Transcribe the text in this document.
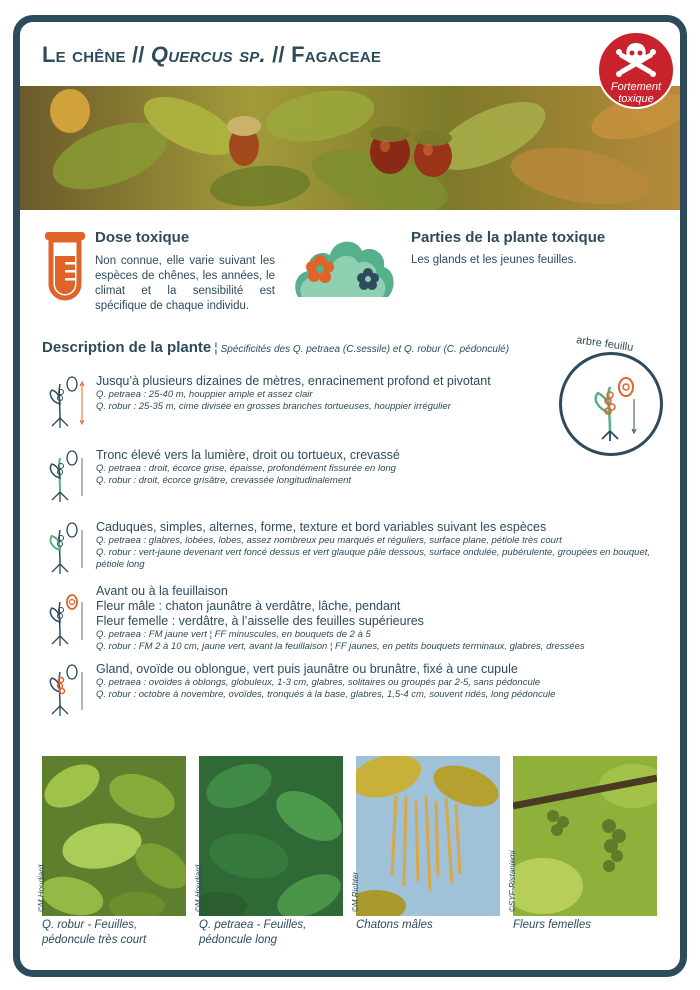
Le chêne // Quercus sp. // Fagaceae
Fortement toxique
Dose toxique
Non connue, elle varie suivant les espèces de chênes, les années, le climat et la sensibilité est spécifique de chaque individu.
Parties de la plante toxique
Les glands et les jeunes feuilles.
Description de la plante ¦ Spécificités des Q. petraea (C.sessile) et Q. robur (C. pédonculé)	arbre feuillu
Jusqu’à plusieurs dizaines de mètres, enracinement profond et pivotant
Q. petraea : 25-40 m, houppier ample et assez clair
Q. robur : 25-35 m, cime divisée en grosses branches tortueuses, houppier irrégulier
Tronc élevé vers la lumière, droit ou tortueux, crevassé
Q. petraea : droit, écorce grise, épaisse, profondément fissurée en long
Q. robur : droit, écorce grisâtre, crevassée longitudinalement
Caduques, simples, alternes, forme, texture et bord variables suivant les espèces
Q. petraea : glabres, lobées, lobes, assez nombreux peu marqués et réguliers, surface plane, pétiole très court
Q. robur : vert-jaune devenant vert foncé dessus et vert glauque pâle dessous, surface ondulée, pubérulente, groupées en bouquet, pétiole long
Avant ou à la feuillaison
Fleur mâle : chaton jaunâtre à verdâtre, lâche, pendant
Fleur femelle : verdâtre, à l’aisselle des feuilles supérieures
Q. petraea : FM jaune vert ¦ FF minuscules, en bouquets de 2 à 5
Q. robur : FM 2 à 10 cm, jaune vert, avant la feuillaison ¦ FF jaunes, en petits bouquets terminaux, glabres, dressées
Gland, ovoïde ou oblongue, vert puis jaunâtre ou brunâtre, fixé à une cupule
Q. petraea : ovoïdes à oblongs, globuleux, 1-3 cm, glabres, solitaires ou groupés par 2-5, sans pédoncule
Q. robur : octobre à novembre, ovoïdes, tronqués à la base, glabres, 1,5-4 cm, souvent ridés, long pédoncule
©M Houdiard
Q. robur - Feuilles, pédoncule très court
©M Houdiard
Q. petraea - Feuilles, pédoncule long
©M Richter
Chatons mâles
©SYF-Ristaniemi
Fleurs femelles
